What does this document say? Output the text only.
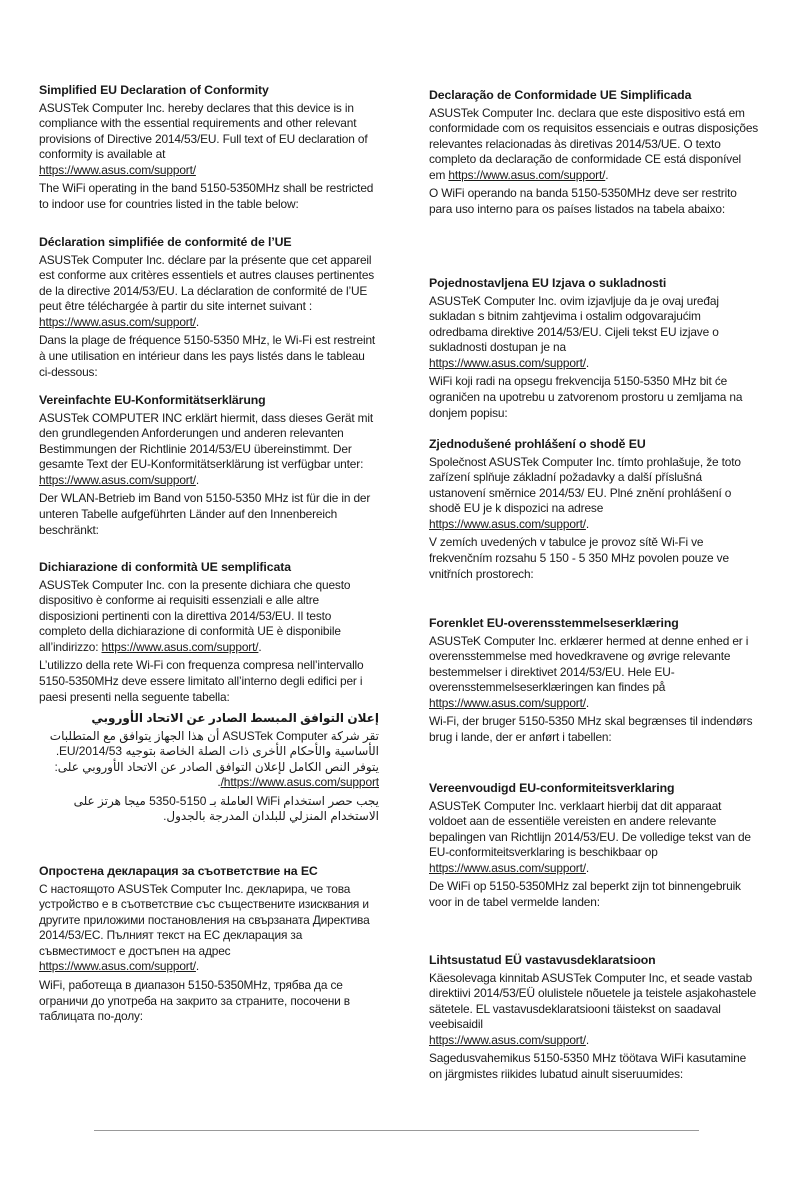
Simplified EU Declaration of Conformity

ASUSTek Computer Inc. hereby declares that this device is in compliance with the essential requirements and other relevant provisions of Directive 2014/53/EU. Full text of EU declaration of conformity is available at
https://www.asus.com/support/

The WiFi operating in the band 5150-5350MHz shall be restricted to indoor use for countries listed in the table below:

Déclaration simplifiée de conformité de l’UE

ASUSTek Computer Inc. déclare par la présente que cet appareil est conforme aux critères essentiels et autres clauses pertinentes de la directive 2014/53/EU. La déclaration de conformité de l’UE peut être téléchargée à partir du site internet suivant : https://www.asus.com/support/.

Dans la plage de fréquence 5150-5350 MHz, le Wi-Fi est restreint à une utilisation en intérieur dans les pays listés dans le tableau ci-dessous:

Vereinfachte EU-Konformitätserklärung

ASUSTek COMPUTER INC erklärt hiermit, dass dieses Gerät mit den grundlegenden Anforderungen und anderen relevanten Bestimmungen der Richtlinie 2014/53/EU übereinstimmt. Der gesamte Text der EU-Konformitätserklärung ist verfügbar unter: https://www.asus.com/support/.

Der WLAN-Betrieb im Band von 5150-5350 MHz ist für die in der unteren Tabelle aufgeführten Länder auf den Innenbereich beschränkt:

Dichiarazione di conformità UE semplificata

ASUSTek Computer Inc. con la presente dichiara che questo dispositivo è conforme ai requisiti essenziali e alle altre disposizioni pertinenti con la direttiva 2014/53/EU. Il testo completo della dichiarazione di conformità UE è disponibile all’indirizzo: https://www.asus.com/support/.

L’utilizzo della rete Wi-Fi con frequenza compresa nell’intervallo 5150-5350MHz deve essere limitato all’interno degli edifici per i paesi presenti nella seguente tabella:

إعلان التوافق المبسط الصادر عن الاتحاد الأوروبي

تقر شركة ASUSTek Computer أن هذا الجهاز يتوافق مع المتطلبات الأساسية والأحكام الأخرى ذات الصلة الخاصة بتوجيه 2014/53/EU. يتوفر النص الكامل لإعلان التوافق الصادر عن الاتحاد الأوروبي على:
https://www.asus.com/support/.

يجب حصر استخدام WiFi العاملة بـ 5150-5350 ميجا هرتز على الاستخدام المنزلي للبلدان المدرجة بالجدول.

Опростена декларация за съответствие на ЕС

С настоящото ASUSTek Computer Inc. декларира, че това устройство е в съответствие със съществените изисквания и другите приложими постановления на свързаната Директива 2014/53/ЕС. Пълният текст на ЕС декларация за съвместимост е достъпен на адрес
https://www.asus.com/support/.

WiFi, работеща в диапазон 5150-5350MHz, трябва да се ограничи до употреба на закрито за страните, посочени в таблицата по-долу:

Declaração de Conformidade UE Simplificada

ASUSTek Computer Inc. declara que este dispositivo está em conformidade com os requisitos essenciais e outras disposições relevantes relacionadas às diretivas 2014/53/UE. O texto completo da declaração de conformidade CE está disponível em https://www.asus.com/support/.

O WiFi operando na banda 5150-5350MHz deve ser restrito para uso interno para os países listados na tabela abaixo:

Pojednostavljena EU Izjava o sukladnosti

ASUSTeK Computer Inc. ovim izjavljuje da je ovaj uređaj sukladan s bitnim zahtjevima i ostalim odgovarajućim odredbama direktive 2014/53/EU. Cijeli tekst EU izjave o sukladnosti dostupan je na
https://www.asus.com/support/.

WiFi koji radi na opsegu frekvencija 5150-5350 MHz bit će ograničen na upotrebu u zatvorenom prostoru u zemljama na donjem popisu:

Zjednodušené prohlášení o shodě EU

Společnost ASUSTek Computer Inc. tímto prohlašuje, že toto zařízení splňuje základní požadavky a další příslušná ustanovení směrnice 2014/53/ EU. Plné znění prohlášení o shodě EU je k dispozici na adrese
https://www.asus.com/support/.

V zemích uvedených v tabulce je provoz sítě Wi-Fi ve frekvenčním rozsahu 5 150 - 5 350 MHz povolen pouze ve vnitřních prostorech:

Forenklet EU-overensstemmelseserklæring

ASUSTeK Computer Inc. erklærer hermed at denne enhed er i overensstemmelse med hovedkravene og øvrige relevante bestemmelser i direktivet 2014/53/EU. Hele EU-overensstemmelseserklæringen kan findes på https://www.asus.com/support/.

Wi-Fi, der bruger 5150-5350 MHz skal begrænses til indendørs brug i lande, der er anført i tabellen:

Vereenvoudigd EU-conformiteitsverklaring

ASUSTeK Computer Inc. verklaart hierbij dat dit apparaat voldoet aan de essentiële vereisten en andere relevante bepalingen van Richtlijn 2014/53/EU. De volledige tekst van de EU-conformiteitsverklaring is beschikbaar op
https://www.asus.com/support/.

De WiFi op 5150-5350MHz zal beperkt zijn tot binnengebruik voor in de tabel vermelde landen:

Lihtsustatud EÜ vastavusdeklaratsioon

Käesolevaga kinnitab ASUSTek Computer Inc, et seade vastab direktiivi 2014/53/EÜ olulistele nõuetele ja teistele asjakohastele sätetele. EL vastavusdeklaratsiooni täistekst on saadaval veebisaidil
https://www.asus.com/support/.

Sagedusvahemikus 5150-5350 MHz töötava WiFi kasutamine on järgmistes riikides lubatud ainult siseruumides:
